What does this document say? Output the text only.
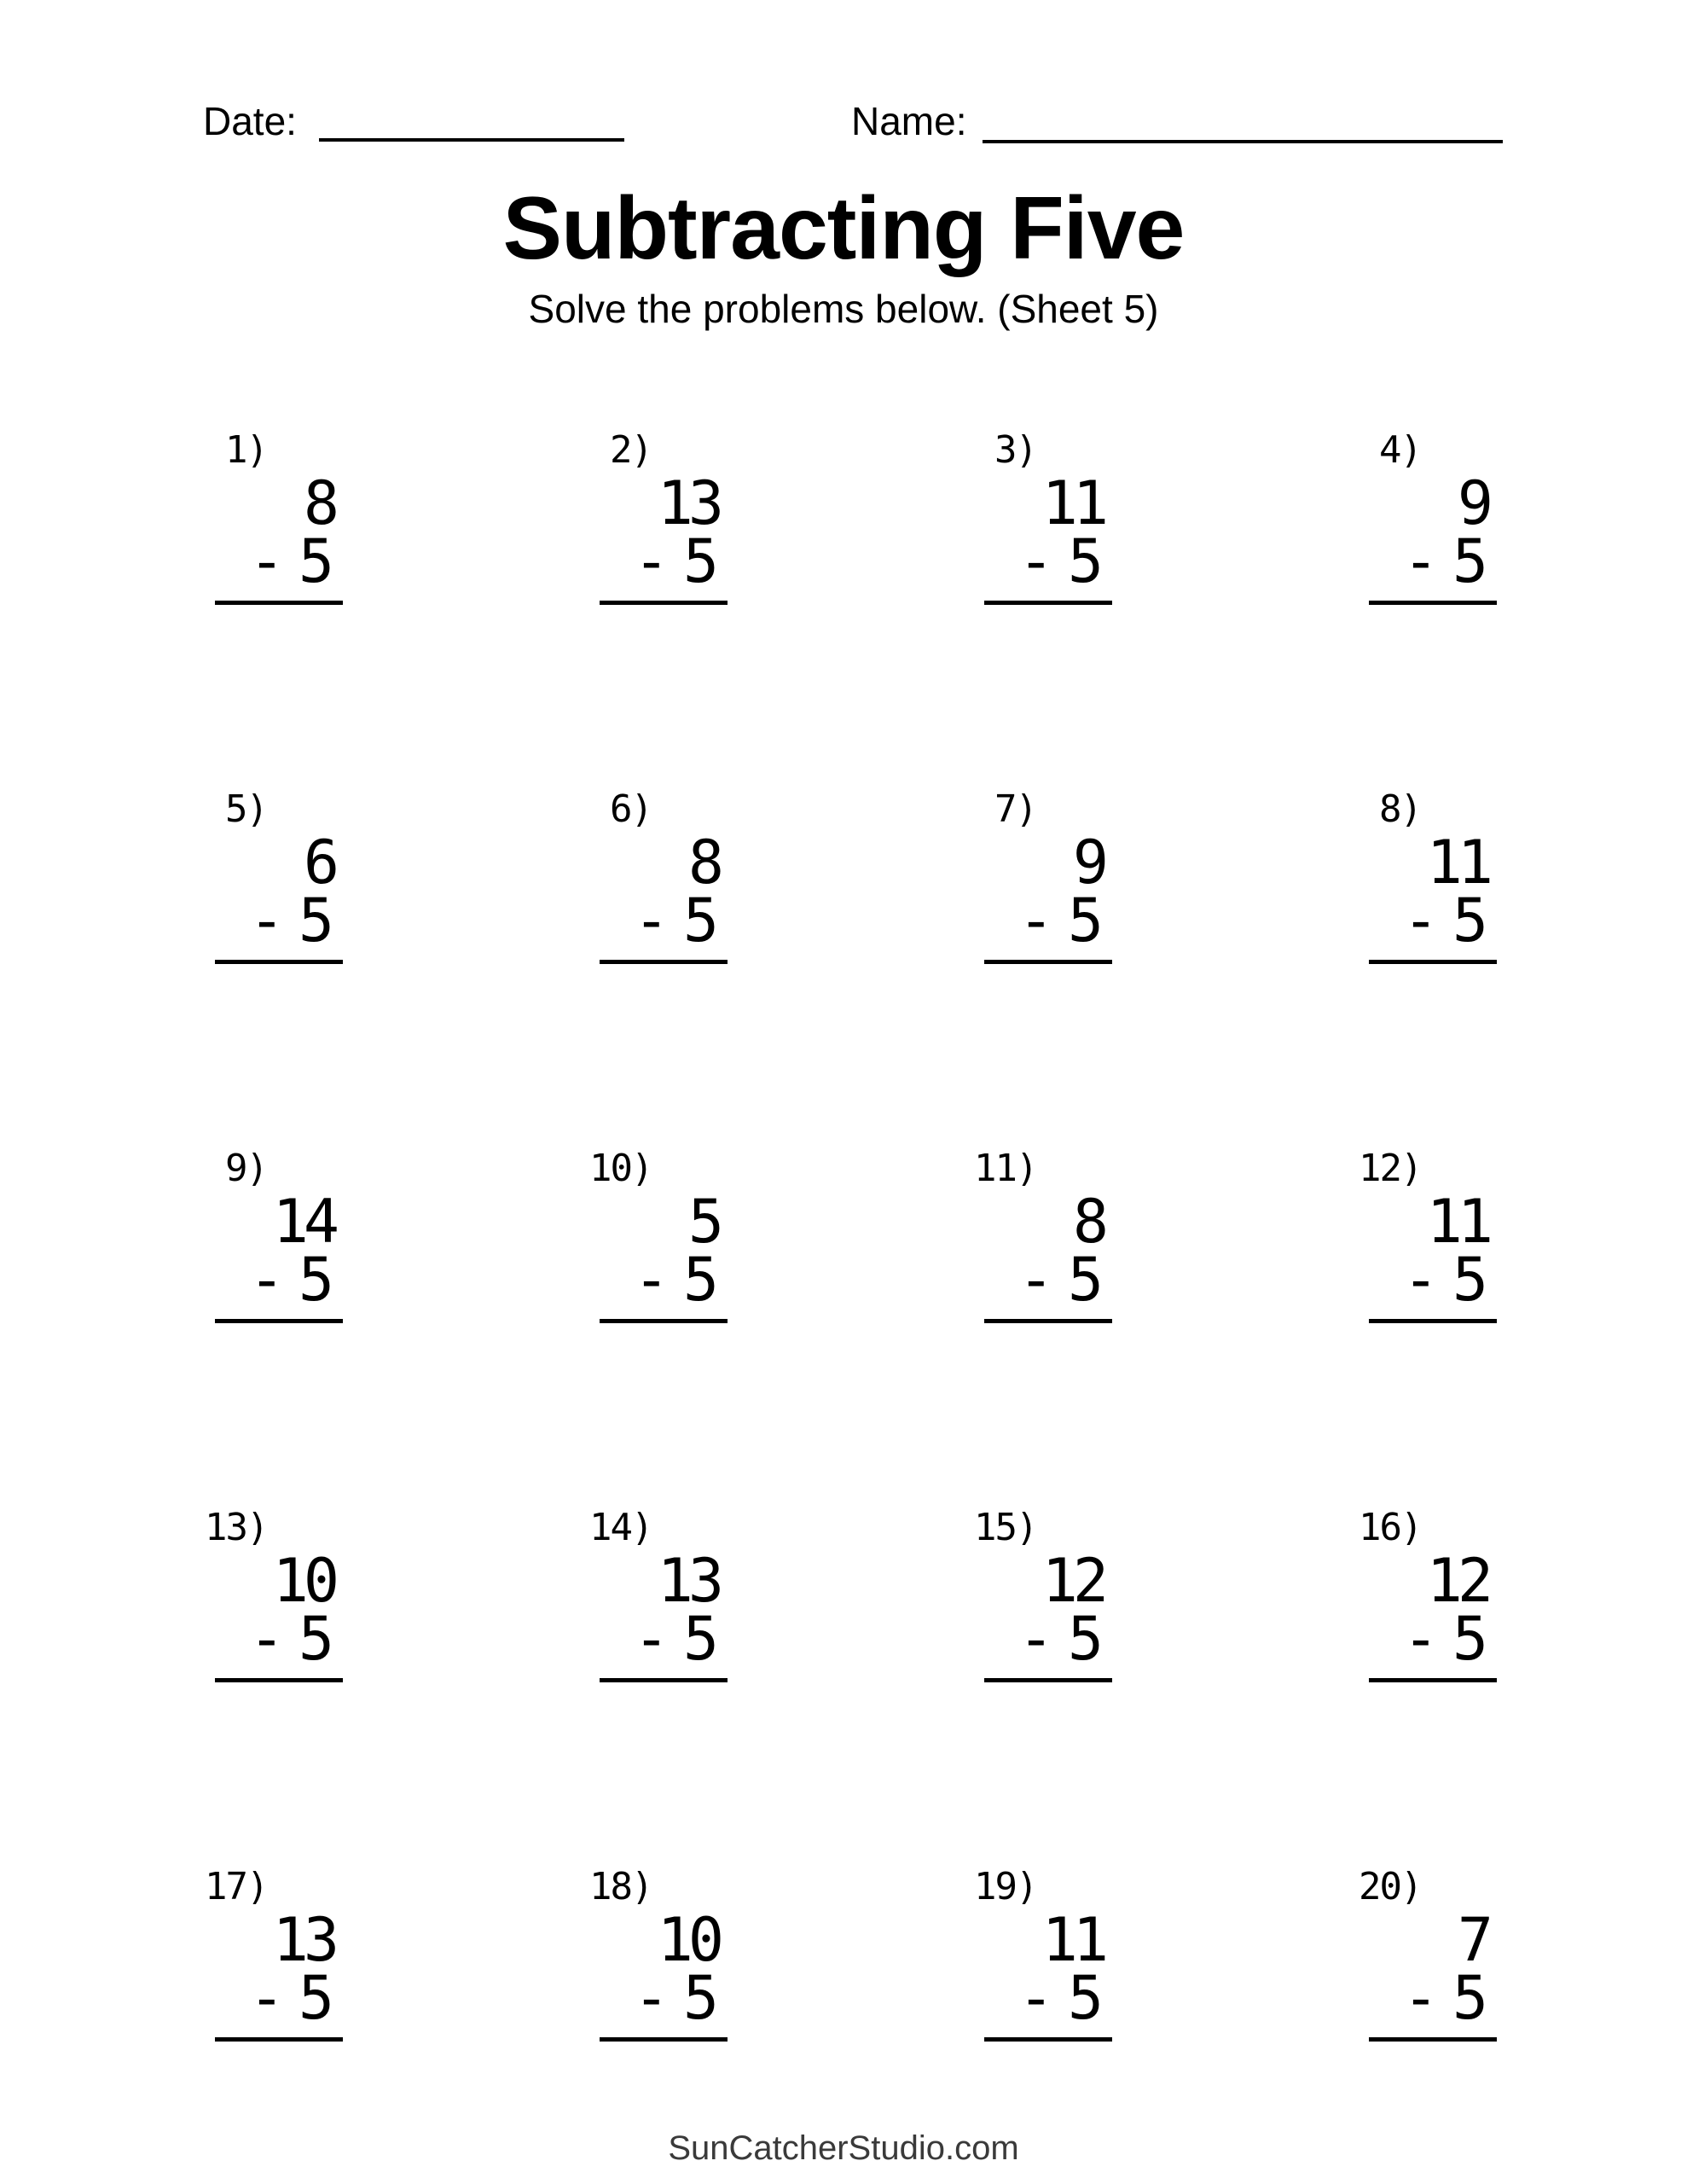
Date:	Name:
Subtracting Five
Solve the problems below. (Sheet 5)
1)
8
- 5
2)
13
- 5
3)
11
- 5
4)
9
- 5
5)
6
- 5
6)
8
- 5
7)
9
- 5
8)
11
- 5
9)
14
- 5
10)
5
- 5
11)
8
- 5
12)
11
- 5
13)
10
- 5
14)
13
- 5
15)
12
- 5
16)
12
- 5
17)
13
- 5
18)
10
- 5
19)
11
- 5
20)
7
- 5
SunCatcherStudio.com
